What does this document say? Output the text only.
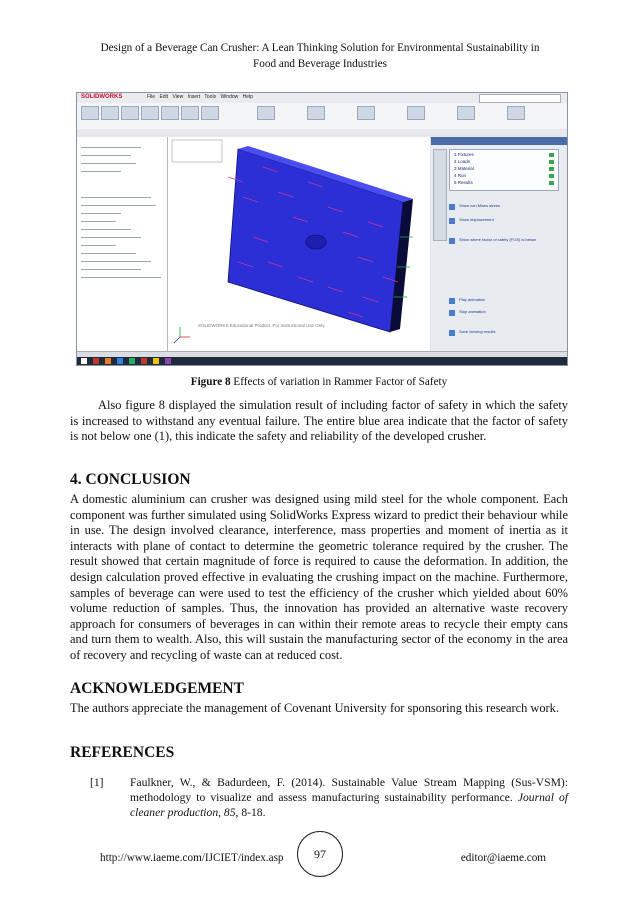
Design of a Beverage Can Crusher: A Lean Thinking Solution for Environmental Sustainability in
Food and Beverage Industries
SOLIDWORKS	File Edit View Insert Tools Window Help
SOLIDWORKS Educational Product. For Instructional Use Only.
1 Fixtures
2 Loads
3 Material
4 Run
5 Results
Show von Mises stress
Show displacement
Show where factor of safety (FOS) is below
Play animation
Stop animation
Save viewing results
Figure 8 Effects of variation in Rammer Factor of Safety

Also figure 8 displayed the simulation result of including factor of safety in which the safety is increased to withstand any eventual failure. The entire blue area indicate that the factor of safety is not below one (1), this indicate the safety and reliability of the developed crusher.

4. CONCLUSION

A domestic aluminium can crusher was designed using mild steel for the whole component. Each component was further simulated using SolidWorks Express wizard to predict their behaviour while in use. The design involved clearance, interference, mass properties and moment of inertia as it interacts with plane of contact to determine the geometric tolerance required by the crusher. The result showed that certain magnitude of force is required to cause the deformation. In addition, the design calculation proved effective in evaluating the crushing impact on the machine. Furthermore, samples of beverage can were used to test the efficiency of the crusher which yielded about 60% volume reduction of samples. Thus, the innovation has provided an alternative waste recovery approach for consumers of beverages in can within their remote areas to recycle their empty cans and turn them to wealth. Also, this will sustain the manufacturing sector of the economy in the area of recovery and recycling of waste can at reduced cost.

ACKNOWLEDGEMENT

The authors appreciate the management of Covenant University for sponsoring this research work.

REFERENCES
[1] Faulkner, W., & Badurdeen, F. (2014). Sustainable Value Stream Mapping (Sus-VSM): methodology to visualize and assess manufacturing sustainability performance. Journal of cleaner production, 85, 8-18.
http://www.iaeme.com/IJCIET/index.asp	97	editor@iaeme.com
